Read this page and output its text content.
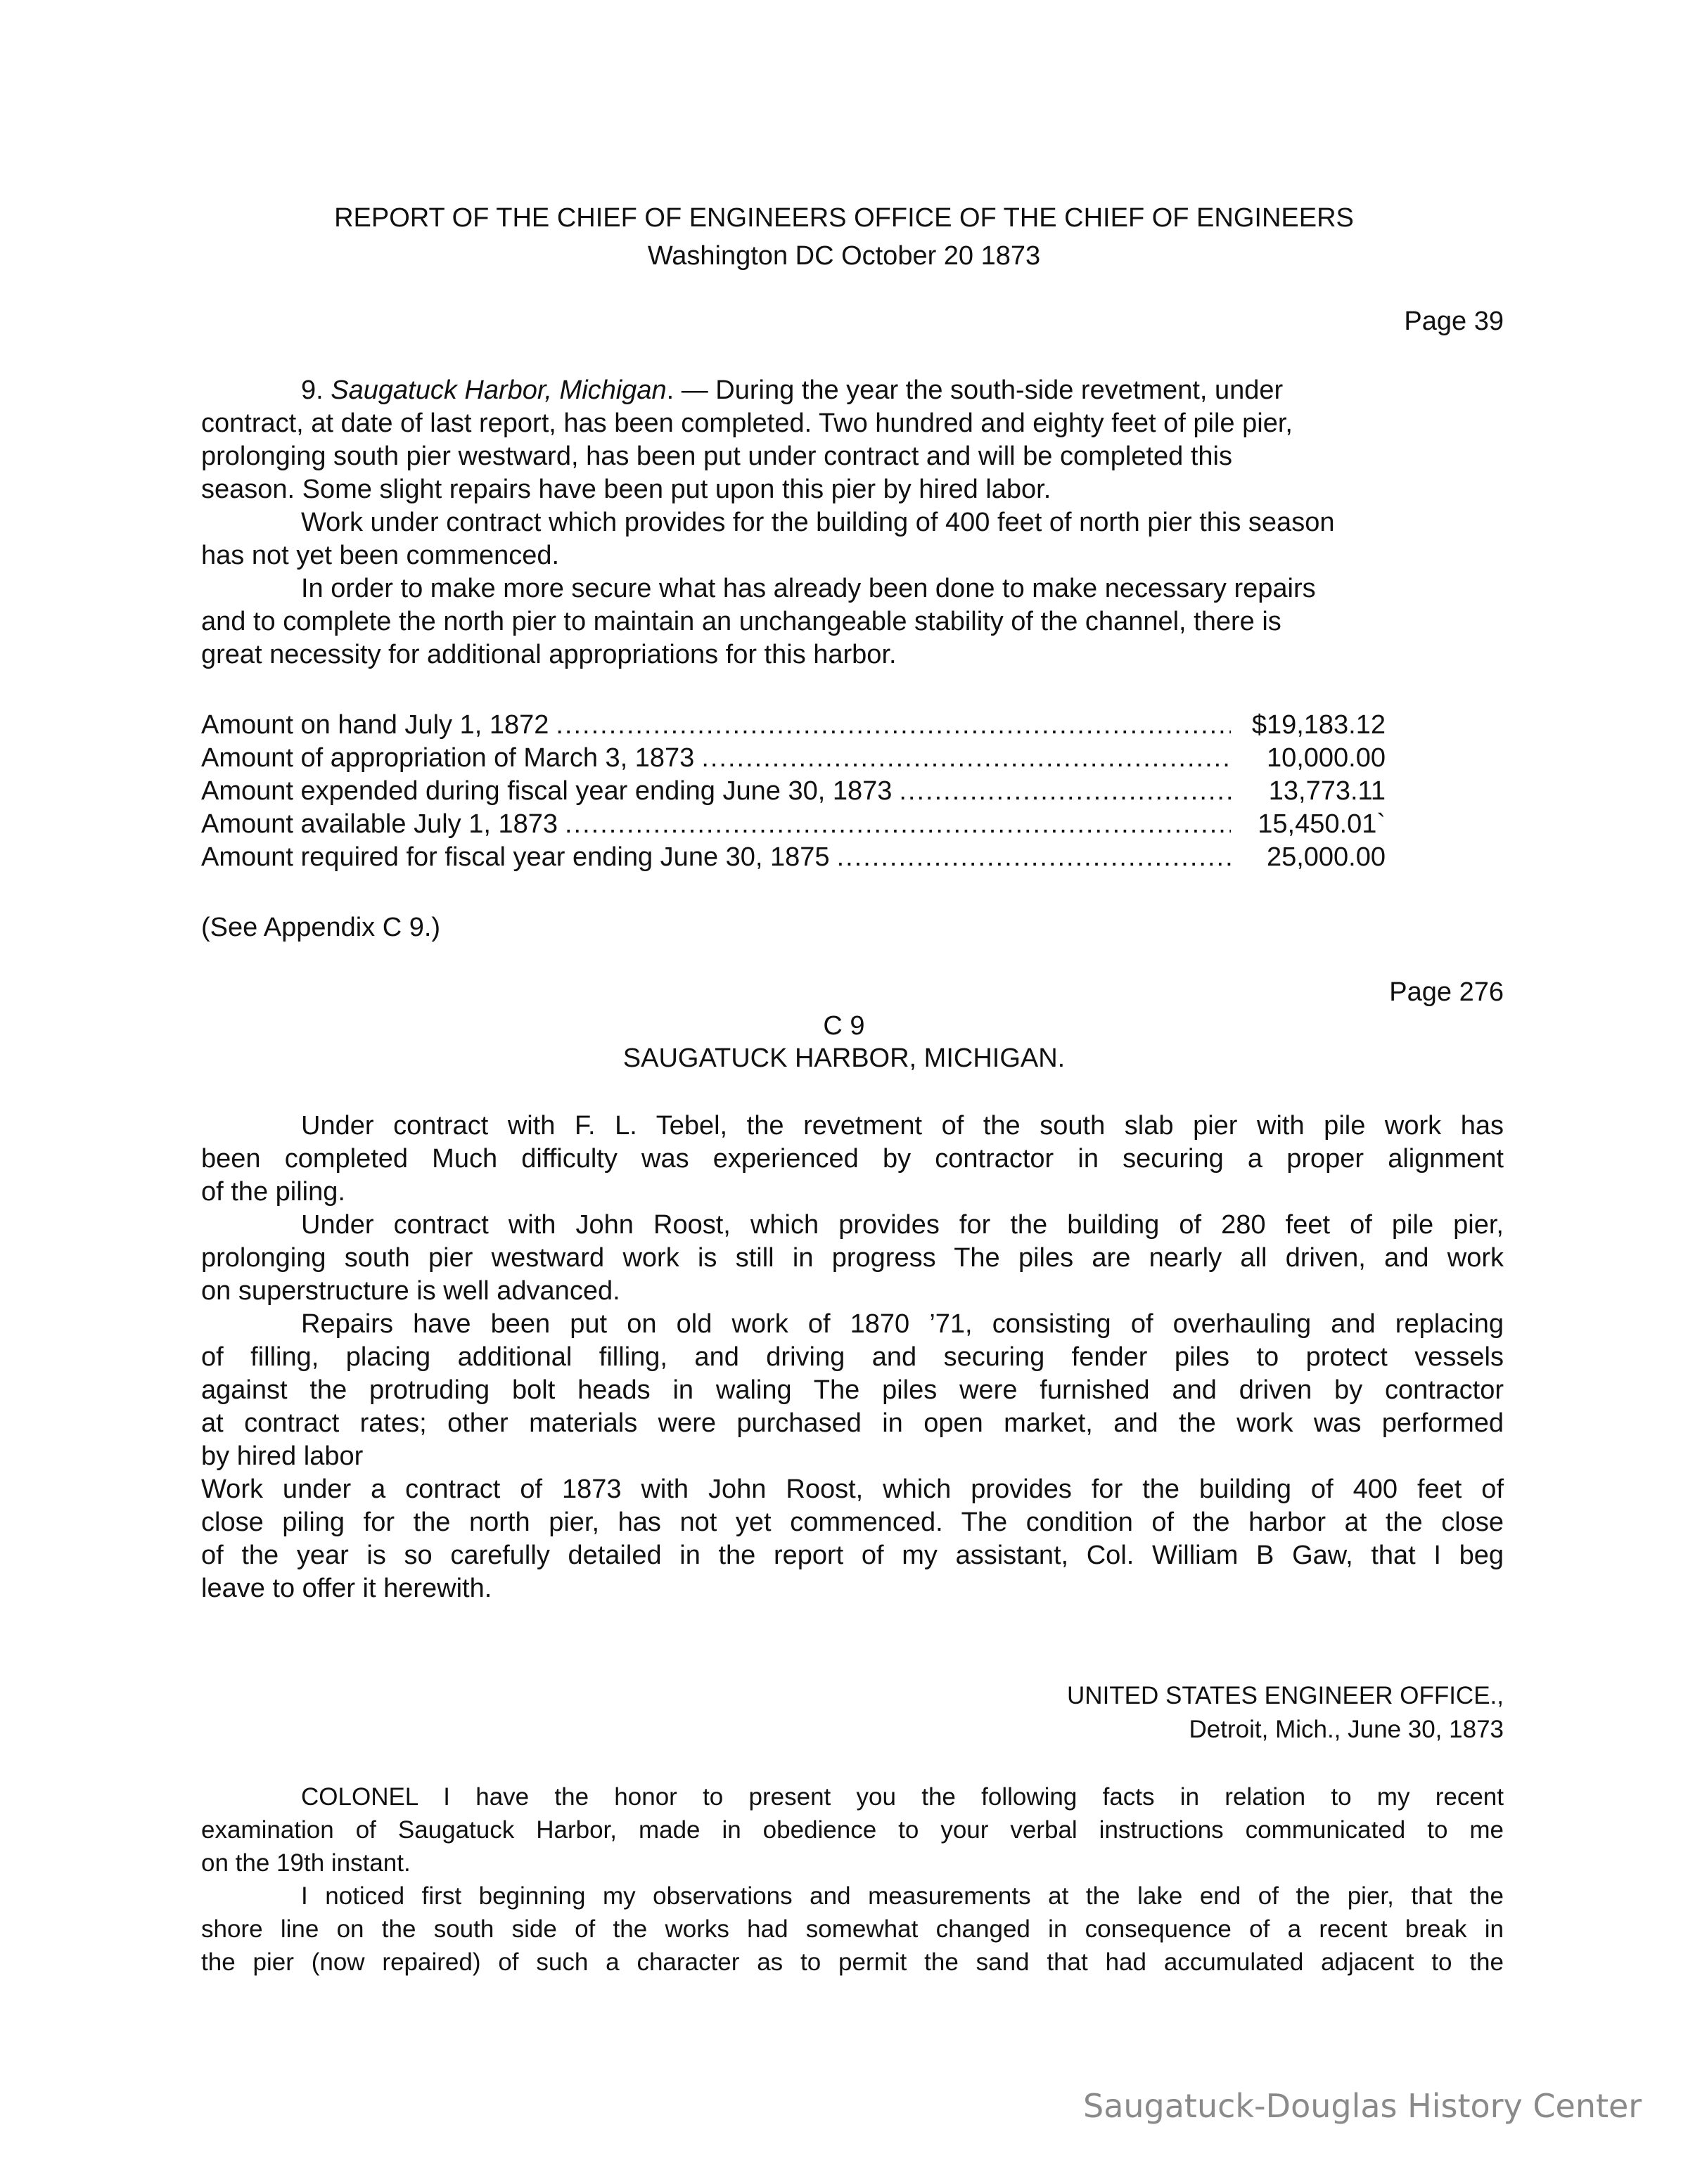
REPORT OF THE CHIEF OF ENGINEERS OFFICE OF THE CHIEF OF ENGINEERS
Washington DC October 20 1873
Page 39
9. Saugatuck Harbor, Michigan. — During the year the south-side revetment, under
contract, at date of last report, has been completed. Two hundred and eighty feet of pile pier,
prolonging south pier westward, has been put under contract and will be completed this
season. Some slight repairs have been put upon this pier by hired labor.
Work under contract which provides for the building of 400 feet of north pier this season
has not yet been commenced.
In order to make more secure what has already been done to make necessary repairs
and to complete the north pier to maintain an unchangeable stability of the channel, there is
great necessity for additional appropriations for this harbor.
Amount on hand July 1, 1872 .....	$19,183.12
Amount of appropriation of March 3, 1873 .....	10,000.00
Amount expended during fiscal year ending June 30, 1873 .....	13,773.11
Amount available July 1, 1873 .....	15,450.01`
Amount required for fiscal year ending June 30, 1875 .....	25,000.00
(See Appendix C 9.)
Page 276
C 9
SAUGATUCK HARBOR, MICHIGAN.
Under contract with F. L. Tebel, the revetment of the south slab pier with pile work has
been completed Much difficulty was experienced by contractor in securing a proper alignment
of the piling.
Under contract with John Roost, which provides for the building of 280 feet of pile pier,
prolonging south pier westward work is still in progress The piles are nearly all driven, and work
on superstructure is well advanced.
Repairs have been put on old work of 1870 ’71, consisting of overhauling and replacing
of filling, placing additional filling, and driving and securing fender piles to protect vessels
against the protruding bolt heads in waling The piles were furnished and driven by contractor
at contract rates; other materials were purchased in open market, and the work was performed
by hired labor
Work under a contract of 1873 with John Roost, which provides for the building of 400 feet of
close piling for the north pier, has not yet commenced. The condition of the harbor at the close
of the year is so carefully detailed in the report of my assistant, Col. William B Gaw, that I beg
leave to offer it herewith.
UNITED STATES ENGINEER OFFICE.,
Detroit, Mich., June 30, 1873
COLONEL I have the honor to present you the following facts in relation to my recent
examination of Saugatuck Harbor, made in obedience to your verbal instructions communicated to me
on the 19th instant.
I noticed first beginning my observations and measurements at the lake end of the pier, that the
shore line on the south side of the works had somewhat changed in consequence of a recent break in
the pier (now repaired) of such a character as to permit the sand that had accumulated adjacent to the
Saugatuck-Douglas History Center
